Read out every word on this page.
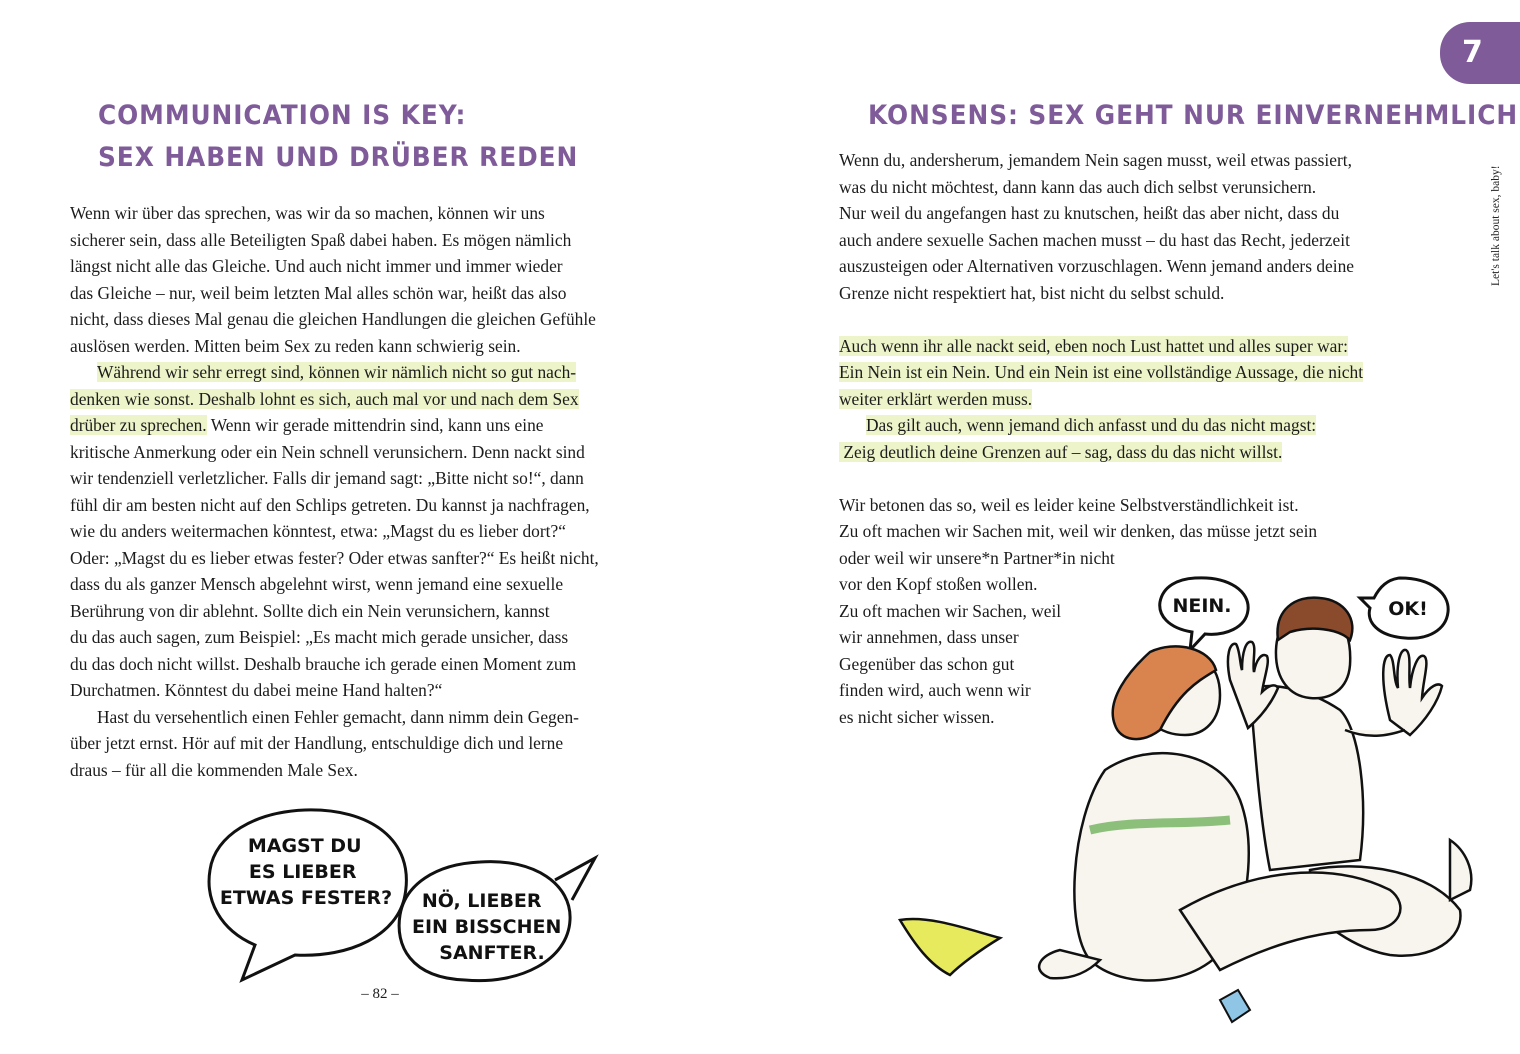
COMMUNICATION IS KEY:
SEX HABEN UND DRÜBER REDEN

Wenn wir über das sprechen, was wir da so machen, können wir uns
sicherer sein, dass alle Beteiligten Spaß dabei haben. Es mögen nämlich
längst nicht alle das Gleiche. Und auch nicht immer und immer wieder
das Gleiche – nur, weil beim letzten Mal alles schön war, heißt das also
nicht, dass dieses Mal genau die gleichen Handlungen die gleichen Gefühle
auslösen werden. Mitten beim Sex zu reden kann schwierig sein.

Während wir sehr erregt sind, können wir nämlich nicht so gut nach-
denken wie sonst. Deshalb lohnt es sich, auch mal vor und nach dem Sex
drüber zu sprechen. Wenn wir gerade mittendrin sind, kann uns eine
kritische Anmerkung oder ein Nein schnell verunsichern. Denn nackt sind
wir tendenziell verletzlicher. Falls dir jemand sagt: „Bitte nicht so!“, dann
fühl dir am besten nicht auf den Schlips getreten. Du kannst ja nachfragen,
wie du anders weitermachen könntest, etwa: „Magst du es lieber dort?“
Oder: „Magst du es lieber etwas fester? Oder etwas sanfter?“ Es heißt nicht,
dass du als ganzer Mensch abgelehnt wirst, wenn jemand eine sexuelle
Berührung von dir ablehnt. Sollte dich ein Nein verunsichern, kannst
du das auch sagen, zum Beispiel: „Es macht mich gerade unsicher, dass
du das doch nicht willst. Deshalb brauche ich gerade einen Moment zum
Durchatmen. Könntest du dabei meine Hand halten?“

Hast du versehentlich einen Fehler gemacht, dann nimm dein Gegen-
über jetzt ernst. Hör auf mit der Handlung, entschuldige dich und lerne
draus – für all die kommenden Male Sex.

MAGST DU ES LIEBER ETWAS FESTER?	NÖ, LIEBER EIN BISSCHEN SANFTER.
– 82 –
7
Let's talk about sex, baby!
KONSENS: SEX GEHT NUR EINVERNEHMLICH

Wenn du, andersherum, jemandem Nein sagen musst, weil etwas passiert,
was du nicht möchtest, dann kann das auch dich selbst verunsichern.
Nur weil du angefangen hast zu knutschen, heißt das aber nicht, dass du
auch andere sexuelle Sachen machen musst – du hast das Recht, jederzeit
auszusteigen oder Alternativen vorzuschlagen. Wenn jemand anders deine
Grenze nicht respektiert hat, bist nicht du selbst schuld.

Auch wenn ihr alle nackt seid, eben noch Lust hattet und alles super war:
Ein Nein ist ein Nein. Und ein Nein ist eine vollständige Aussage, die nicht
weiter erklärt werden muss.
Das gilt auch, wenn jemand dich anfasst und du das nicht magst:
Zeig deutlich deine Grenzen auf – sag, dass du das nicht willst.

Wir betonen das so, weil es leider keine Selbstverständlichkeit ist.
Zu oft machen wir Sachen mit, weil wir denken, das müsse jetzt sein
oder weil wir unsere*n Partner*in nicht
vor den Kopf stoßen wollen.
Zu oft machen wir Sachen, weil
wir annehmen, dass unser
Gegenüber das schon gut
finden wird, auch wenn wir
es nicht sicher wissen.

NEIN.	OK!
